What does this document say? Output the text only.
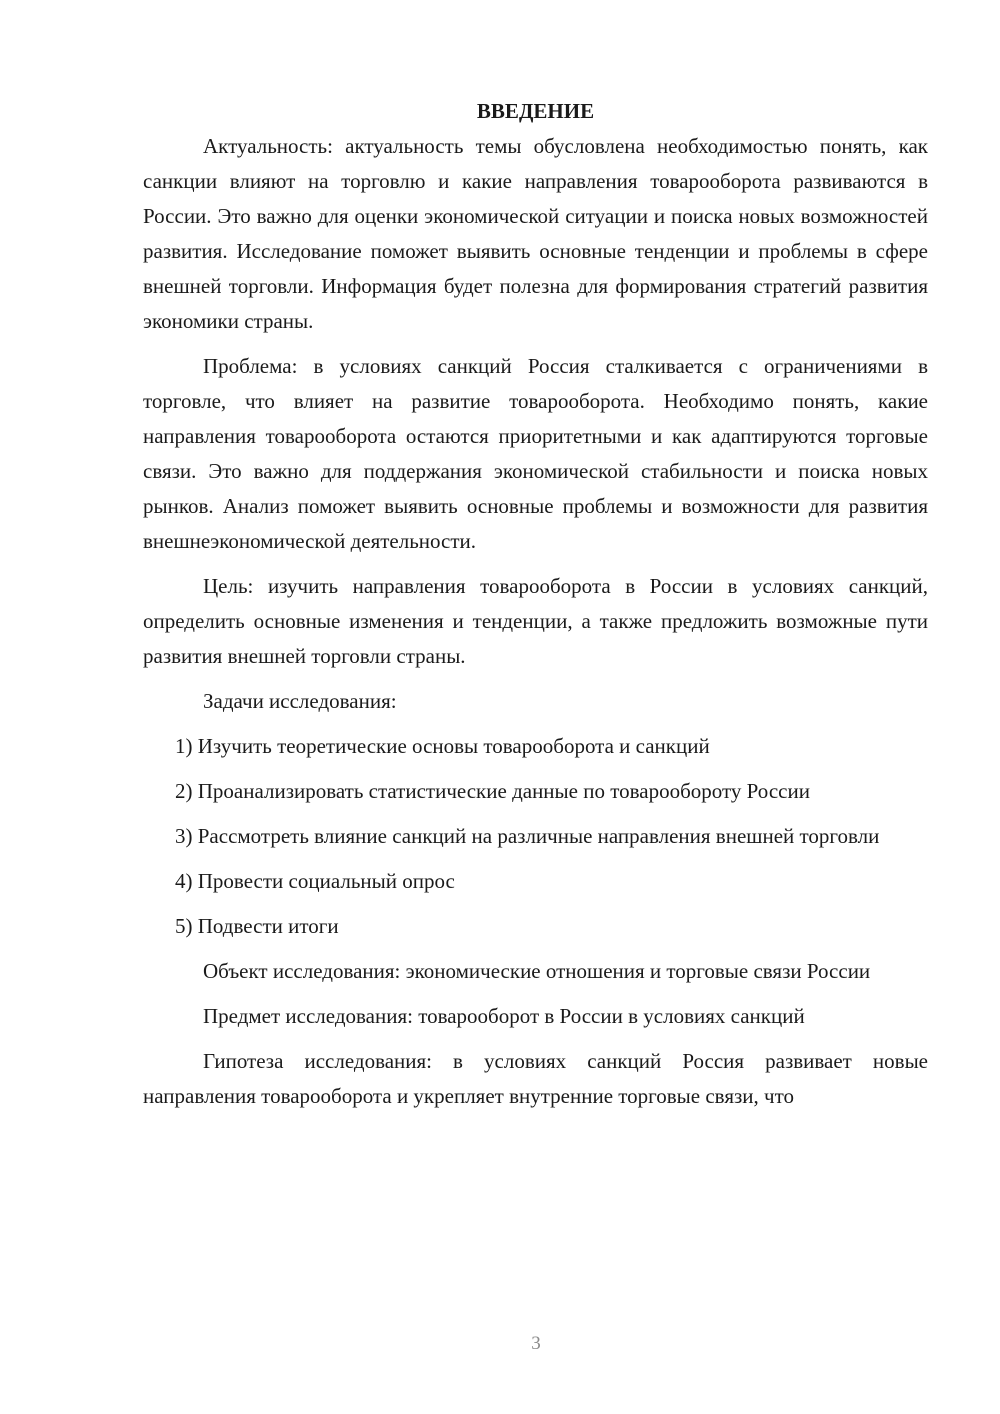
ВВЕДЕНИЕ

Актуальность: актуальность темы обусловлена необходимостью понять, как санкции влияют на торговлю и какие направления товарооборота развиваются в России. Это важно для оценки экономической ситуации и поиска новых возможностей развития. Исследование поможет выявить основные тенденции и проблемы в сфере внешней торговли. Информация будет полезна для формирования стратегий развития экономики страны.

Проблема: в условиях санкций Россия сталкивается с ограничениями в торговле, что влияет на развитие товарооборота. Необходимо понять, какие направления товарооборота остаются приоритетными и как адаптируются торговые связи. Это важно для поддержания экономической стабильности и поиска новых рынков. Анализ поможет выявить основные проблемы и возможности для развития внешнеэкономической деятельности.

Цель: изучить направления товарооборота в России в условиях санкций, определить основные изменения и тенденции, а также предложить возможные пути развития внешней торговли страны.

Задачи исследования:

1) Изучить теоретические основы товарооборота и санкций

2) Проанализировать статистические данные по товарообороту России

3) Рассмотреть влияние санкций на различные направления внешней торговли

4) Провести социальный опрос

5) Подвести итоги

Объект исследования: экономические отношения и торговые связи России

Предмет исследования: товарооборот в России в условиях санкций

Гипотеза исследования: в условиях санкций Россия развивает новые направления товарооборота и укрепляет внутренние торговые связи, что

3
